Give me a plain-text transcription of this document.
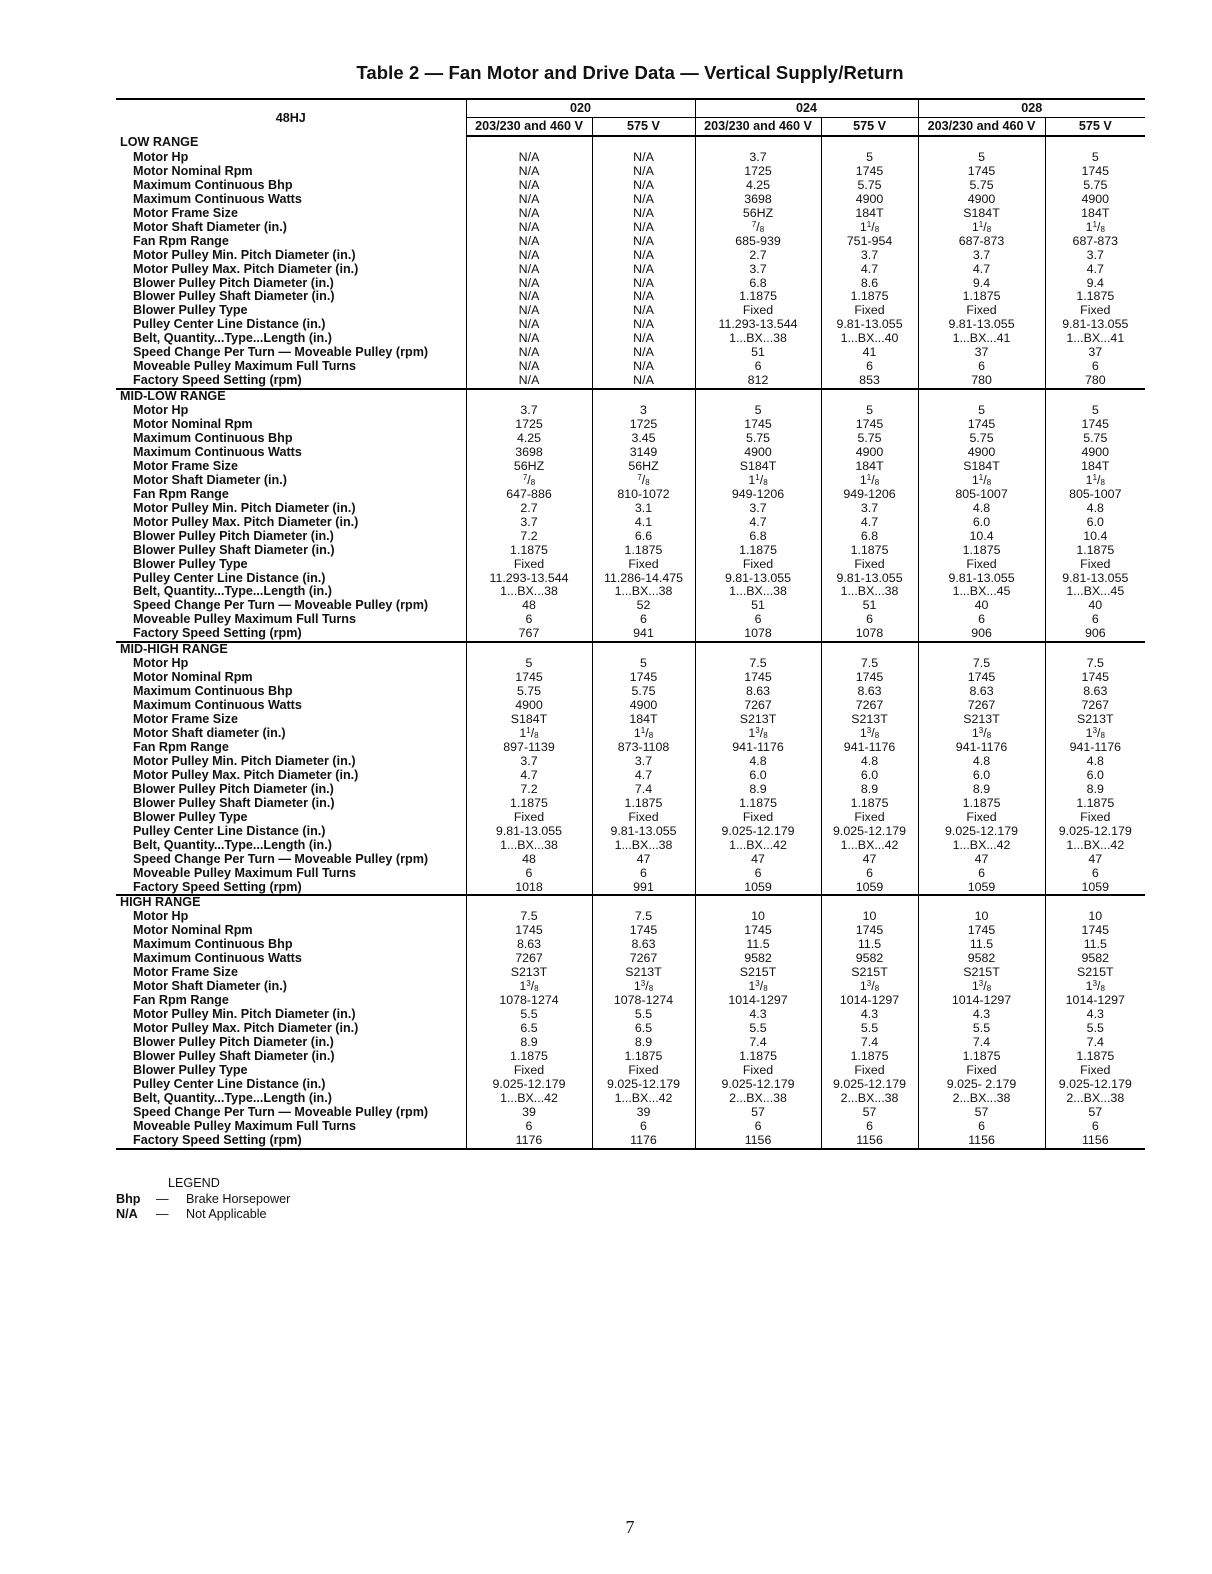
Table 2 — Fan Motor and Drive Data — Vertical Supply/Return
48HJ	020		024		028	
	203/230 and 460 V	575 V	203/230 and 460 V	575 V	203/230 and 460 V	575 V
LOW RANGE						
Motor Hp	N/A	N/A	3.7	5	5	5
Motor Nominal Rpm	N/A	N/A	1725	1745	1745	1745
Maximum Continuous Bhp	N/A	N/A	4.25	5.75	5.75	5.75
Maximum Continuous Watts	N/A	N/A	3698	4900	4900	4900
Motor Frame Size	N/A	N/A	56HZ	184T	S184T	184T
Motor Shaft Diameter (in.)	N/A	N/A	$^7/_8$	$1^1/_8$	$1^1/_8$	$1^1/_8$
Fan Rpm Range	N/A	N/A	685-939	751-954	687-873	687-873
Motor Pulley Min. Pitch Diameter (in.)	N/A	N/A	2.7	3.7	3.7	3.7
Motor Pulley Max. Pitch Diameter (in.)	N/A	N/A	3.7	4.7	4.7	4.7
Blower Pulley Pitch Diameter (in.)	N/A	N/A	6.8	8.6	9.4	9.4
Blower Pulley Shaft Diameter (in.)	N/A	N/A	1.1875	1.1875	1.1875	1.1875
Blower Pulley Type	N/A	N/A	Fixed	Fixed	Fixed	Fixed
Pulley Center Line Distance (in.)	N/A	N/A	11.293-13.544	9.81-13.055	9.81-13.055	9.81-13.055
Belt, Quantity...Type...Length (in.)	N/A	N/A	1...BX...38	1...BX...40	1...BX...41	1...BX...41
Speed Change Per Turn — Moveable Pulley (rpm)	N/A	N/A	51	41	37	37
Moveable Pulley Maximum Full Turns	N/A	N/A	6	6	6	6
Factory Speed Setting (rpm)	N/A	N/A	812	853	780	780
MID-LOW RANGE						
Motor Hp	3.7	3	5	5	5	5
Motor Nominal Rpm	1725	1725	1745	1745	1745	1745
Maximum Continuous Bhp	4.25	3.45	5.75	5.75	5.75	5.75
Maximum Continuous Watts	3698	3149	4900	4900	4900	4900
Motor Frame Size	56HZ	56HZ	S184T	184T	S184T	184T
Motor Shaft Diameter (in.)	$^7/_8$	$^7/_8$	$1^1/_8$	$1^1/_8$	$1^1/_8$	$1^1/_8$
Fan Rpm Range	647-886	810-1072	949-1206	949-1206	805-1007	805-1007
Motor Pulley Min. Pitch Diameter (in.)	2.7	3.1	3.7	3.7	4.8	4.8
Motor Pulley Max. Pitch Diameter (in.)	3.7	4.1	4.7	4.7	6.0	6.0
Blower Pulley Pitch Diameter (in.)	7.2	6.6	6.8	6.8	10.4	10.4
Blower Pulley Shaft Diameter (in.)	1.1875	1.1875	1.1875	1.1875	1.1875	1.1875
Blower Pulley Type	Fixed	Fixed	Fixed	Fixed	Fixed	Fixed
Pulley Center Line Distance (in.)	11.293-13.544	11.286-14.475	9.81-13.055	9.81-13.055	9.81-13.055	9.81-13.055
Belt, Quantity...Type...Length (in.)	1...BX...38	1...BX...38	1...BX...38	1...BX...38	1...BX...45	1...BX...45
Speed Change Per Turn — Moveable Pulley (rpm)	48	52	51	51	40	40
Moveable Pulley Maximum Full Turns	6	6	6	6	6	6
Factory Speed Setting (rpm)	767	941	1078	1078	906	906
MID-HIGH RANGE						
Motor Hp	5	5	7.5	7.5	7.5	7.5
Motor Nominal Rpm	1745	1745	1745	1745	1745	1745
Maximum Continuous Bhp	5.75	5.75	8.63	8.63	8.63	8.63
Maximum Continuous Watts	4900	4900	7267	7267	7267	7267
Motor Frame Size	S184T	184T	S213T	S213T	S213T	S213T
Motor Shaft diameter (in.)	$1^1/_8$	$1^1/_8$	$1^3/_8$	$1^3/_8$	$1^3/_8$	$1^3/_8$
Fan Rpm Range	897-1139	873-1108	941-1176	941-1176	941-1176	941-1176
Motor Pulley Min. Pitch Diameter (in.)	3.7	3.7	4.8	4.8	4.8	4.8
Motor Pulley Max. Pitch Diameter (in.)	4.7	4.7	6.0	6.0	6.0	6.0
Blower Pulley Pitch Diameter (in.)	7.2	7.4	8.9	8.9	8.9	8.9
Blower Pulley Shaft Diameter (in.)	1.1875	1.1875	1.1875	1.1875	1.1875	1.1875
Blower Pulley Type	Fixed	Fixed	Fixed	Fixed	Fixed	Fixed
Pulley Center Line Distance (in.)	9.81-13.055	9.81-13.055	9.025-12.179	9.025-12.179	9.025-12.179	9.025-12.179
Belt, Quantity...Type...Length (in.)	1...BX...38	1...BX...38	1...BX...42	1...BX...42	1...BX...42	1...BX...42
Speed Change Per Turn — Moveable Pulley (rpm)	48	47	47	47	47	47
Moveable Pulley Maximum Full Turns	6	6	6	6	6	6
Factory Speed Setting (rpm)	1018	991	1059	1059	1059	1059
HIGH RANGE						
Motor Hp	7.5	7.5	10	10	10	10
Motor Nominal Rpm	1745	1745	1745	1745	1745	1745
Maximum Continuous Bhp	8.63	8.63	11.5	11.5	11.5	11.5
Maximum Continuous Watts	7267	7267	9582	9582	9582	9582
Motor Frame Size	S213T	S213T	S215T	S215T	S215T	S215T
Motor Shaft Diameter (in.)	$1^3/_8$	$1^3/_8$	$1^3/_8$	$1^3/_8$	$1^3/_8$	$1^3/_8$
Fan Rpm Range	1078-1274	1078-1274	1014-1297	1014-1297	1014-1297	1014-1297
Motor Pulley Min. Pitch Diameter (in.)	5.5	5.5	4.3	4.3	4.3	4.3
Motor Pulley Max. Pitch Diameter (in.)	6.5	6.5	5.5	5.5	5.5	5.5
Blower Pulley Pitch Diameter (in.)	8.9	8.9	7.4	7.4	7.4	7.4
Blower Pulley Shaft Diameter (in.)	1.1875	1.1875	1.1875	1.1875	1.1875	1.1875
Blower Pulley Type	Fixed	Fixed	Fixed	Fixed	Fixed	Fixed
Pulley Center Line Distance (in.)	9.025-12.179	9.025-12.179	9.025-12.179	9.025-12.179	9.025- 2.179	9.025-12.179
Belt, Quantity...Type...Length (in.)	1...BX...42	1...BX...42	2...BX...38	2...BX...38	2...BX...38	2...BX...38
Speed Change Per Turn — Moveable Pulley (rpm)	39	39	57	57	57	57
Moveable Pulley Maximum Full Turns	6	6	6	6	6	6
Factory Speed Setting (rpm)	1176	1176	1156	1156	1156	1156
LEGEND
Bhp	—	Brake Horsepower
N/A	—	Not Applicable
7
